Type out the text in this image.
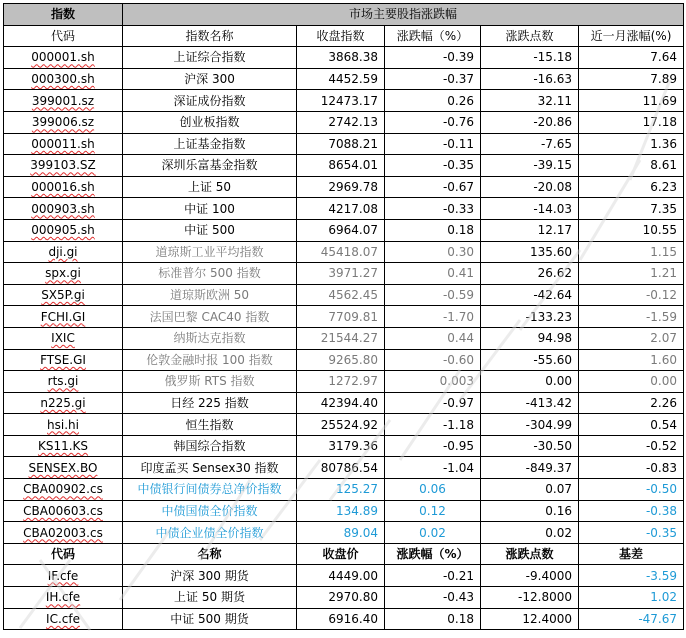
指数	市场主要股指涨跌幅				
代码	指数名称	收盘指数	涨跌幅（%）	涨跌点数	近一月涨幅(%)
000001.sh	上证综合指数	3868.38	-0.39	-15.18	7.64
000300.sh	沪深 300	4452.59	-0.37	-16.63	7.89
399001.sz	深证成份指数	12473.17	0.26	32.11	11.69
399006.sz	创业板指数	2742.13	-0.76	-20.86	17.18
000011.sh	上证基金指数	7088.21	-0.11	-7.65	1.36
399103.SZ	深圳乐富基金指数	8654.01	-0.35	-39.15	8.61
000016.sh	上证 50	2969.78	-0.67	-20.08	6.23
000903.sh	中证 100	4217.08	-0.33	-14.03	7.35
000905.sh	中证 500	6964.07	0.18	12.17	10.55
dji.gi	道琼斯工业平均指数	45418.07	0.30	135.60	1.15
spx.gi	标准普尔 500 指数	3971.27	0.41	26.62	1.21
SX5P.gi	道琼斯欧洲 50	4562.45	-0.59	-42.64	-0.12
FCHI.GI	法国巴黎 CAC40 指数	7709.81	-1.70	-133.23	-1.59
IXIC	纳斯达克指数	21544.27	0.44	94.98	2.07
FTSE.GI	伦敦金融时报 100 指数	9265.80	-0.60	-55.60	1.60
rts.gi	俄罗斯 RTS 指数	1272.97	0.003	0.00	0.00
n225.gi	日经 225 指数	42394.40	-0.97	-413.42	2.26
hsi.hi	恒生指数	25524.92	-1.18	-304.99	0.54
KS11.KS	韩国综合指数	3179.36	-0.95	-30.50	-0.52
SENSEX.BO	印度孟买 Sensex30 指数	80786.54	-1.04	-849.37	-0.83
CBA00902.cs	中债银行间债券总净价指数	125.27	0.06	0.07	-0.50
CBA00603.cs	中债国债全价指数	134.89	0.12	0.16	-0.38
CBA02003.cs	中债企业债全价指数	89.04	0.02	0.02	-0.35
代码	名称	收盘价	涨跌幅（%）	涨跌点数	基差
IF.cfe	沪深 300 期货	4449.00	-0.21	-9.4000	-3.59
IH.cfe	上证 50 期货	2970.80	-0.43	-12.8000	1.02
IC.cfe	中证 500 期货	6916.40	0.18	12.4000	-47.67
